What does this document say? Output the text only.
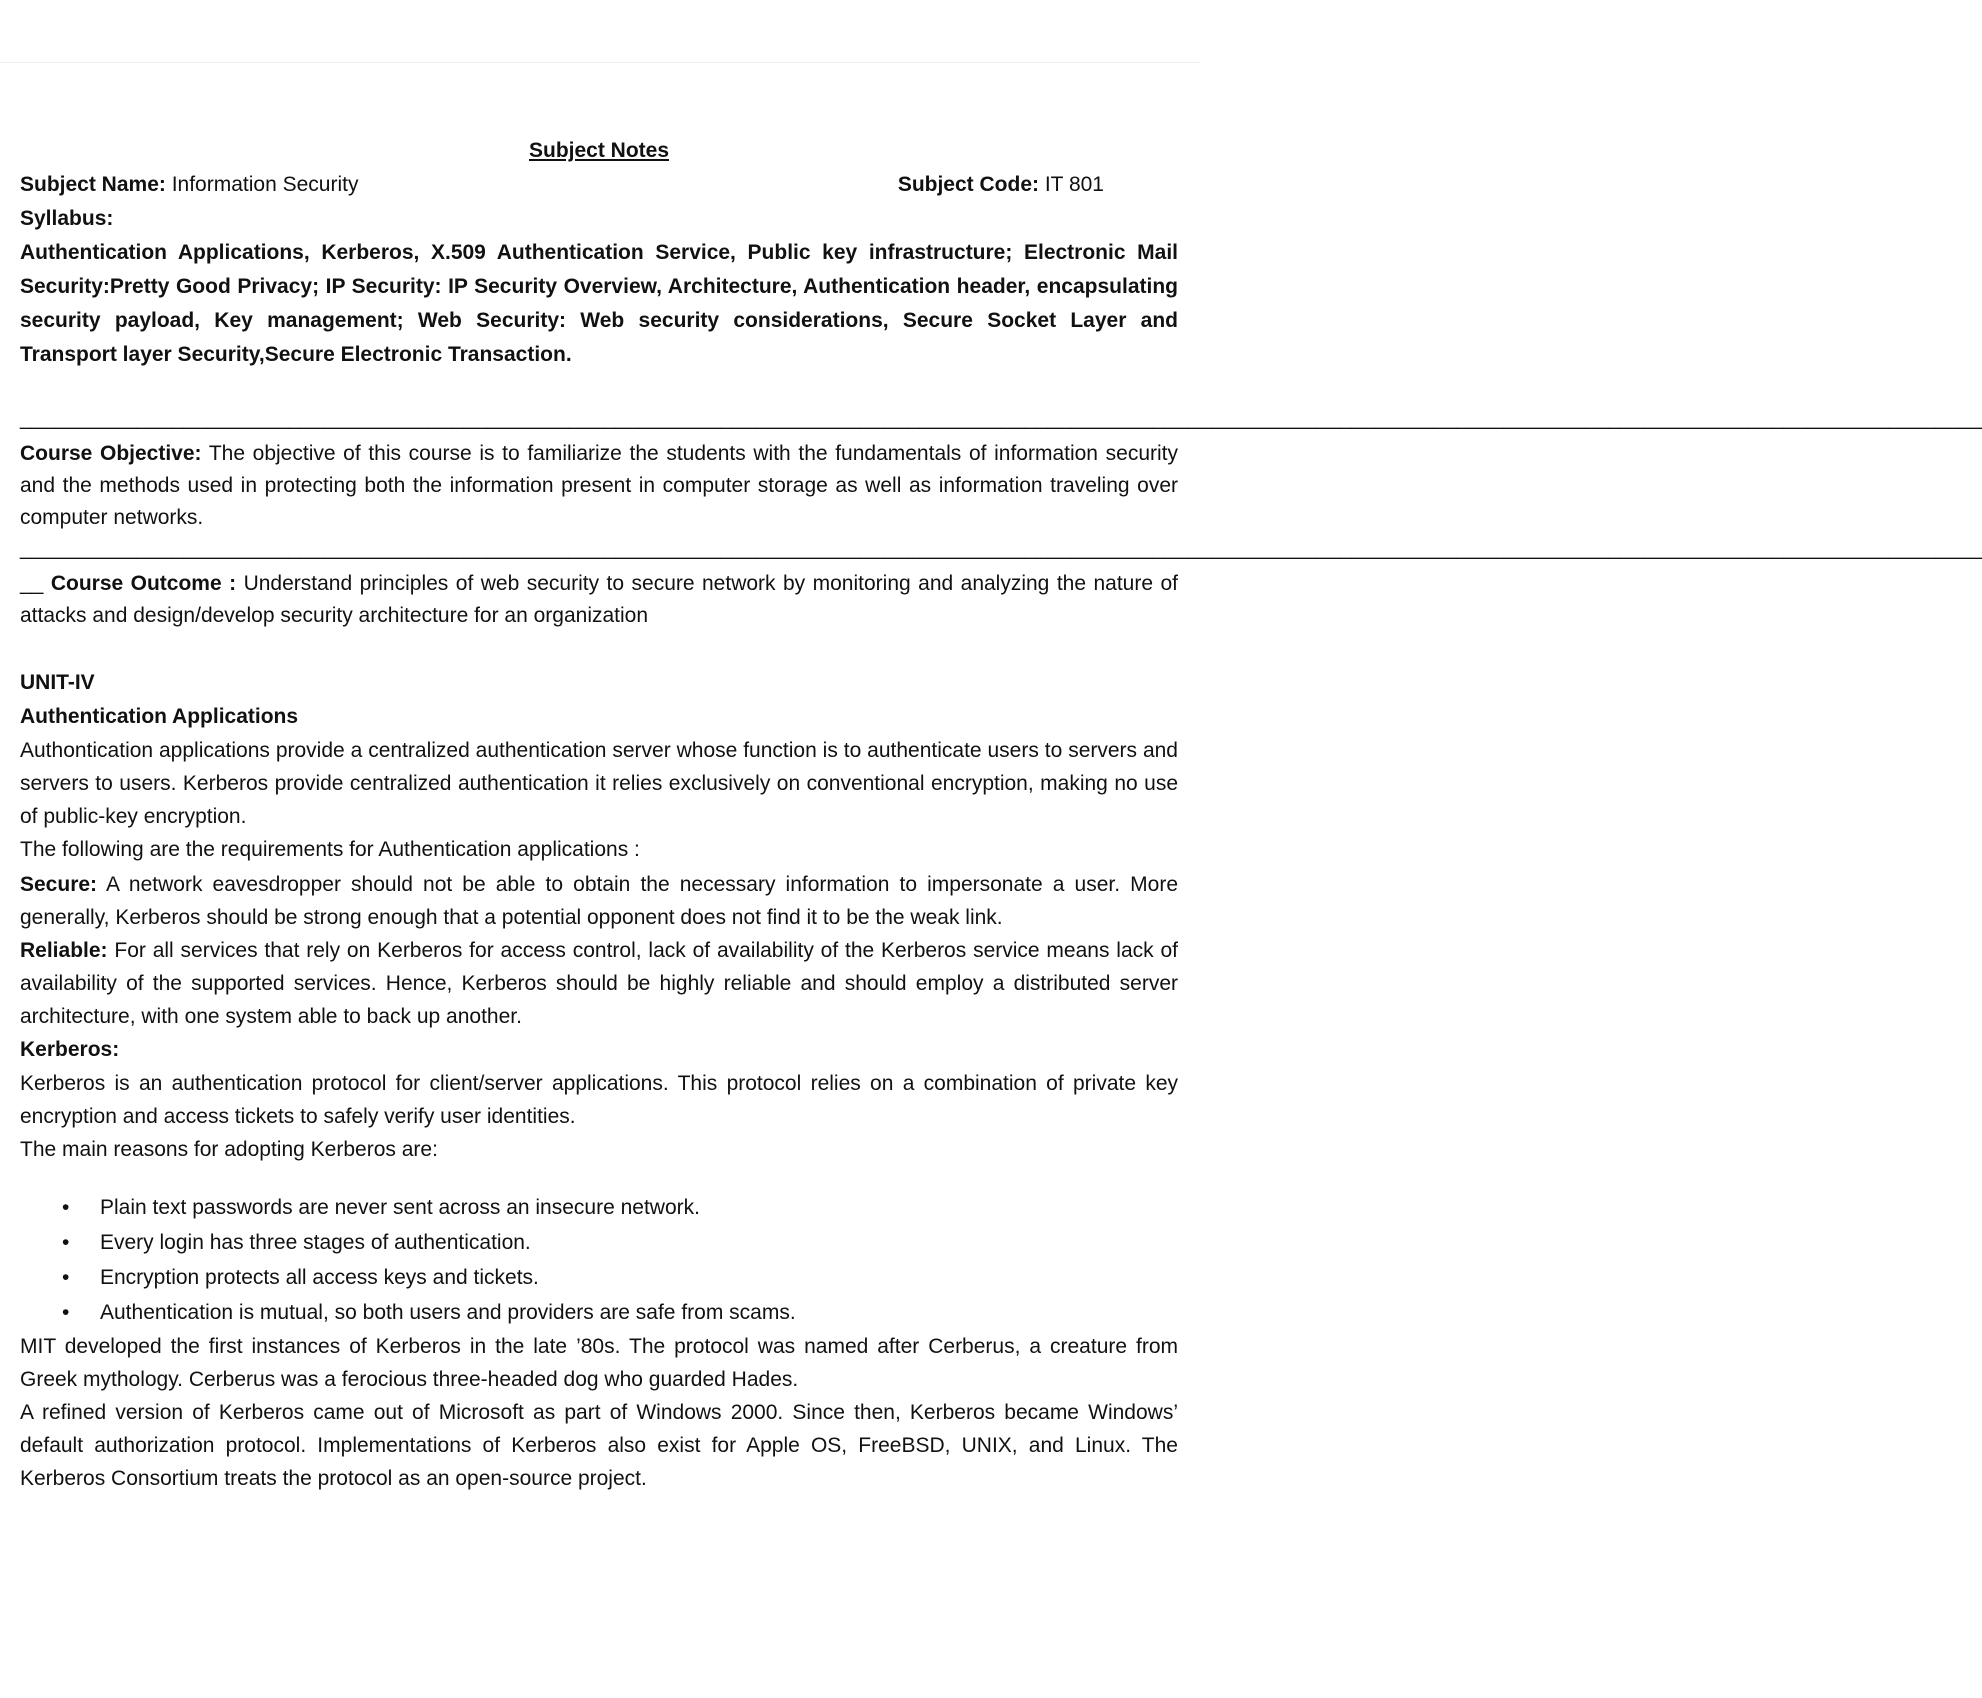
Subject Notes

Subject Name: Information Security	Subject Code: IT 801

Syllabus:

Authentication Applications, Kerberos, X.509 Authentication Service, Public key infrastructure; Electronic Mail Security:Pretty Good Privacy; IP Security: IP Security Overview, Architecture, Authentication header, encapsulating security payload, Key management; Web Security: Web security considerations, Secure Socket Layer and Transport layer Security,Secure Electronic Transaction.

________________________________________________________________________________________________________________________________________________________________________

Course Objective: The objective of this course is to familiarize the students with the fundamentals of information security and the methods used in protecting both the information present in computer storage as well as information traveling over computer networks.

________________________________________________________________________________________________________________________________________________________________________

__ Course Outcome : Understand principles of web security to secure network by monitoring and analyzing the nature of attacks and design/develop security architecture for an organization

UNIT-IV

Authentication Applications

Authontication applications provide a centralized authentication server whose function is to authenticate users to servers and servers to users. Kerberos provide centralized authentication it relies exclusively on conventional encryption, making no use of public-key encryption.

The following are the requirements for Authentication applications :

Secure: A network eavesdropper should not be able to obtain the necessary information to impersonate a user. More generally, Kerberos should be strong enough that a potential opponent does not find it to be the weak link.

Reliable: For all services that rely on Kerberos for access control, lack of availability of the Kerberos service means lack of availability of the supported services. Hence, Kerberos should be highly reliable and should employ a distributed server architecture, with one system able to back up another.

Kerberos:

Kerberos is an authentication protocol for client/server applications. This protocol relies on a combination of private key encryption and access tickets to safely verify user identities.

The main reasons for adopting Kerberos are:

• Plain text passwords are never sent across an insecure network.
• Every login has three stages of authentication.
• Encryption protects all access keys and tickets.
• Authentication is mutual, so both users and providers are safe from scams.

MIT developed the first instances of Kerberos in the late ’80s. The protocol was named after Cerberus, a creature from Greek mythology. Cerberus was a ferocious three-headed dog who guarded Hades.

A refined version of Kerberos came out of Microsoft as part of Windows 2000. Since then, Kerberos became Windows’ default authorization protocol. Implementations of Kerberos also exist for Apple OS, FreeBSD, UNIX, and Linux. The Kerberos Consortium treats the protocol as an open-source project.
